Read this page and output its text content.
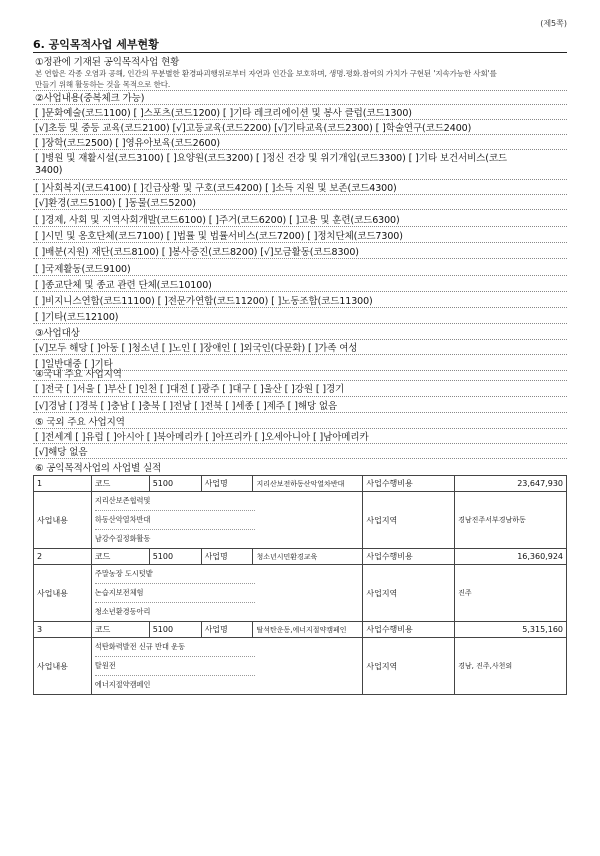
(제5쪽)
6. 공익목적사업 세부현황
①정관에 기재된 공익목적사업 현황
본 연합은 각종 오염과 공해, 인간의 무분별한 환경파괴행위로부터 자연과 인간을 보호하며, 생명.평화.참여의 가치가 구현된 '지속가능한 사회'를
만들기 위해 활동하는 것을 목적으로 한다.
②사업내용(중복체크 가능)
[ ]문화예술(코드1100) [ ]스포츠(코드1200) [ ]기타 레크리에이션 및 봉사 클럽(코드1300)
[√]초등 및 중등 교육(코드2100) [√]고등교육(코드2200) [√]기타교육(코드2300) [ ]학술연구(코드2400)
[ ]장학(코드2500) [ ]영유아보육(코드2600)
[ ]병원 및 재활시설(코드3100) [ ]요양원(코드3200) [ ]정신 건강 및 위기개입(코드3300) [ ]기타 보건서비스(코드
3400)
[ ]사회복지(코드4100) [ ]긴급상황 및 구호(코드4200) [ ]소득 지원 및 보존(코드4300)
[√]환경(코드5100) [ ]동물(코드5200)
[ ]경제, 사회 및 지역사회개발(코드6100) [ ]주거(코드6200) [ ]고용 및 훈련(코드6300)
[ ]시민 및 옹호단체(코드7100) [ ]법률 및 법률서비스(코드7200) [ ]정치단체(코드7300)
[ ]배분(지원) 재단(코드8100) [ ]봉사증진(코드8200) [√]모금활동(코드8300)
[ ]국제활동(코드9100)
[ ]종교단체 및 종교 관련 단체(코드10100)
[ ]비지니스연합(코드11100) [ ]전문가연합(코드11200) [ ]노동조합(코드11300)
[ ]기타(코드12100)
③사업대상
[√]모두 해당 [ ]아동 [ ]청소년 [ ]노인 [ ]장애인 [ ]외국인(다문화) [ ]가족 여성
[ ]일반대중 [ ]기타
④국내 주요 사업지역
[ ]전국 [ ]서울 [ ]부산 [ ]인천 [ ]대전 [ ]광주 [ ]대구 [ ]울산 [ ]강원 [ ]경기
[√]경남 [ ]경북 [ ]충남 [ ]충북 [ ]전남 [ ]전북 [ ]세종 [ ]제주 [ ]해당 없음
⑤ 국외 주요 사업지역
[ ]전세계 [ ]유럽 [ ]아시아 [ ]북아메리카 [ ]아프리카 [ ]오세아니아 [ ]남아메리카
[√]해당 없음
⑥ 공익목적사업의 사업별 실적
1	코드	5100	사업명	지리산보전하동산악열차반대	사업수행비용	23,647,930
사업내용	지리산보존협력및
하동산악열차반대
남강수질정화활동				사업지역	경남진주서부경남하동
2	코드	5100	사업명	청소년시민환경교육	사업수행비용	16,360,924
사업내용	주말농장 도시텃밭
논습지보전체험
청소년환경동아리				사업지역	진주
3	코드	5100	사업명	탈석탄운동,에너지절약캠페인	사업수행비용	5,315,160
사업내용	석탄화력발전 신규 반대 운동
탈원전
에너지절약캠페인				사업지역	경남, 진주,사천외
